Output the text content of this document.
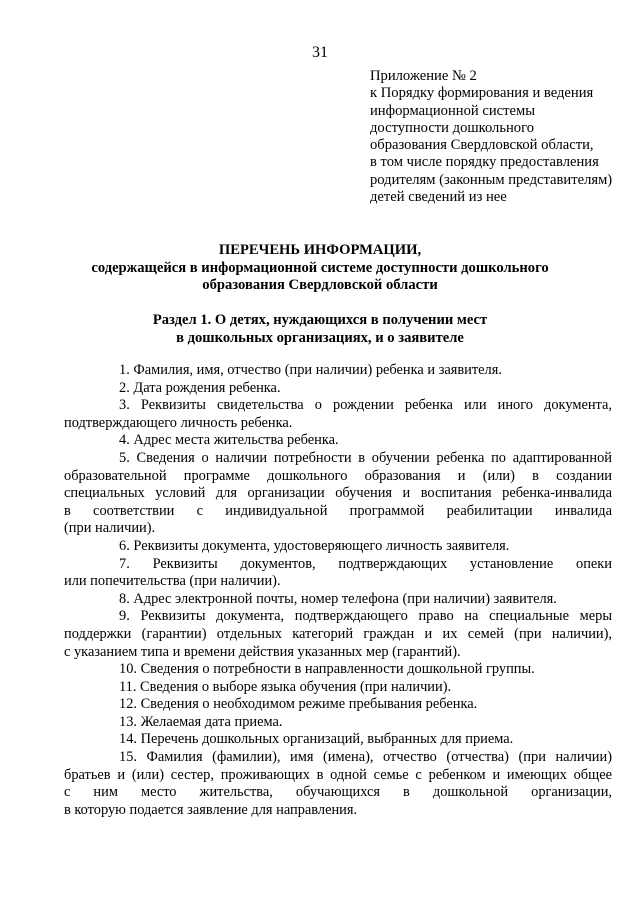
31
Приложение № 2
к Порядку формирования и ведения
информационной системы
доступности дошкольного
образования Свердловской области,
в том числе порядку предоставления
родителям (законным представителям)
детей сведений из нее
ПЕРЕЧЕНЬ ИНФОРМАЦИИ,
содержащейся в информационной системе доступности дошкольного
образования Свердловской области
Раздел 1. О детях, нуждающихся в получении мест
в дошкольных организациях, и о заявителе
1. Фамилия, имя, отчество (при наличии) ребенка и заявителя.
2. Дата рождения ребенка.
3. Реквизиты свидетельства о рождении ребенка или иного документа,
подтверждающего личность ребенка.
4. Адрес места жительства ребенка.
5. Сведения о наличии потребности в обучении ребенка по адаптированной
образовательной программе дошкольного образования и (или) в создании
специальных условий для организации обучения и воспитания ребенка-инвалида
в соответствии с индивидуальной программой реабилитации инвалида
(при наличии).
6. Реквизиты документа, удостоверяющего личность заявителя.
7. Реквизиты документов, подтверждающих установление опеки
или попечительства (при наличии).
8. Адрес электронной почты, номер телефона (при наличии) заявителя.
9. Реквизиты документа, подтверждающего право на специальные меры
поддержки (гарантии) отдельных категорий граждан и их семей (при наличии),
с указанием типа и времени действия указанных мер (гарантий).
10. Сведения о потребности в направленности дошкольной группы.
11. Сведения о выборе языка обучения (при наличии).
12. Сведения о необходимом режиме пребывания ребенка.
13. Желаемая дата приема.
14. Перечень дошкольных организаций, выбранных для приема.
15. Фамилия (фамилии), имя (имена), отчество (отчества) (при наличии)
братьев и (или) сестер, проживающих в одной семье с ребенком и имеющих общее
с ним место жительства, обучающихся в дошкольной организации,
в которую подается заявление для направления.
